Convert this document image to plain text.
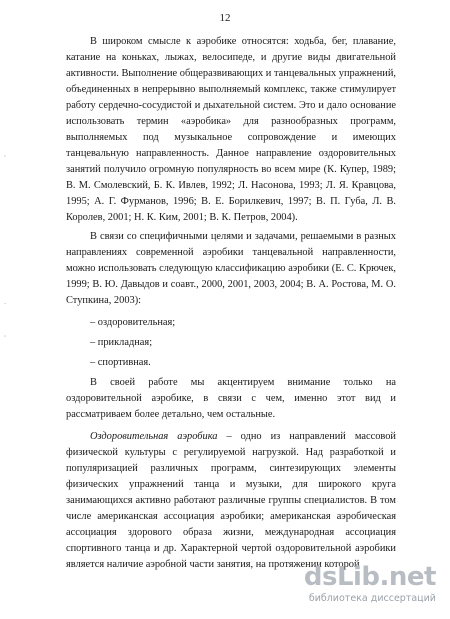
12
ˌ
·
ˌ

В широком смысле к аэробике относятся: ходьба, бег, плавание, катание на коньках, лыжах, велосипеде, и другие виды двигательной активности. Выполнение общеразвивающих и танцевальных упражнений, объединенных в непрерывно выполняемый комплекс, также стимулирует работу сердечно-сосудистой и дыхательной систем. Это и дало основание использовать термин «аэробика» для разнообразных программ, выполняемых под музыкальное сопровождение и имеющих танцевальную направленность. Данное направление оздоровительных занятий получило огромную популярность во всем мире (К. Купер, 1989; В. М. Смолевский, Б. К. Ивлев, 1992; Л. Насонова, 1993; Л. Я. Кравцова, 1995; А. Г. Фурманов, 1996; В. Е. Борилкевич, 1997; В. П. Губа, Л. В. Королев, 2001; Н. К. Ким, 2001; В. К. Петров, 2004).

В связи со специфичными целями и задачами, решаемыми в разных направлениях современной аэробики танцевальной направленности, можно использовать следующую классификацию аэробики (Е. С. Крючек, 1999; В. Ю. Давыдов и соавт., 2000, 2001, 2003, 2004; В. А. Ростова, М. О. Ступкина, 2003):

– оздоровительная;

– прикладная;

– спортивная.

В своей работе мы акцентируем внимание только на оздоровительной аэробике, в связи с чем, именно этот вид и рассматриваем более детально, чем остальные.

Оздоровительная аэробика – одно из направлений массовой физической культуры с регулируемой нагрузкой. Над разработкой и популяризацией различных программ, синтезирующих элементы физических упражнений танца и музыки, для широкого круга занимающихся активно работают различные группы специалистов. В том числе американская ассоциация аэробики; американская аэробическая ассоциация здорового образа жизни, международная ассоциация спортивного танца и др. Характерной чертой оздоровительной аэробики является наличие аэробной части занятия, на протяжении которой

dsLib.net
библиотека диссертаций
